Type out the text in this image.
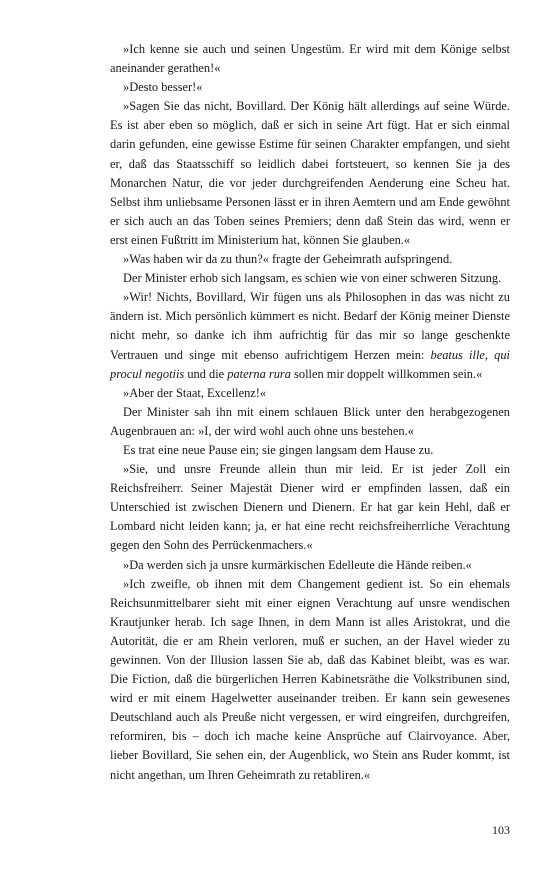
»Ich kenne sie auch und seinen Ungestüm. Er wird mit dem Könige selbst aneinander gerathen!«

»Desto besser!«

»Sagen Sie das nicht, Bovillard. Der König hält allerdings auf seine Würde. Es ist aber eben so möglich, daß er sich in seine Art fügt. Hat er sich einmal darin gefunden, eine gewisse Estime für seinen Charakter empfangen, und sieht er, daß das Staatsschiff so leidlich dabei fortsteuert, so kennen Sie ja des Monarchen Natur, die vor jeder durchgreifenden Aenderung eine Scheu hat. Selbst ihm unliebsame Personen lässt er in ihren Aemtern und am Ende gewöhnt er sich auch an das Toben seines Premiers; denn daß Stein das wird, wenn er erst einen Fußtritt im Ministerium hat, können Sie glauben.«

»Was haben wir da zu thun?« fragte der Geheimrath aufspringend.

Der Minister erhob sich langsam, es schien wie von einer schweren Sitzung.

»Wir! Nichts, Bovillard, Wir fügen uns als Philosophen in das was nicht zu ändern ist. Mich persönlich kümmert es nicht. Bedarf der König meiner Dienste nicht mehr, so danke ich ihm aufrichtig für das mir so lange geschenkte Vertrauen und singe mit ebenso aufrichtigem Herzen mein: beatus ille, qui procul negotiis und die paterna rura sollen mir doppelt willkommen sein.«

»Aber der Staat, Excellenz!«

Der Minister sah ihn mit einem schlauen Blick unter den herabgezogenen Augenbrauen an: »I, der wird wohl auch ohne uns bestehen.«

Es trat eine neue Pause ein; sie gingen langsam dem Hause zu.

»Sie, und unsre Freunde allein thun mir leid. Er ist jeder Zoll ein Reichsfreiherr. Seiner Majestät Diener wird er empfinden lassen, daß ein Unterschied ist zwischen Dienern und Dienern. Er hat gar kein Hehl, daß er Lombard nicht leiden kann; ja, er hat eine recht reichsfreiherrliche Verachtung gegen den Sohn des Perrückenmachers.«

»Da werden sich ja unsre kurmärkischen Edelleute die Hände reiben.«

»Ich zweifle, ob ihnen mit dem Changement gedient ist. So ein ehemals Reichsunmittelbarer sieht mit einer eignen Verachtung auf unsre wendischen Krautjunker herab. Ich sage Ihnen, in dem Mann ist alles Aristokrat, und die Autorität, die er am Rhein verloren, muß er suchen, an der Havel wieder zu gewinnen. Von der Illusion lassen Sie ab, daß das Kabinet bleibt, was es war. Die Fiction, daß die bürgerlichen Herren Kabinetsräthe die Volkstribunen sind, wird er mit einem Hagelwetter auseinander treiben. Er kann sein gewesenes Deutschland auch als Preuße nicht vergessen, er wird eingreifen, durchgreifen, reformiren, bis – doch ich mache keine Ansprüche auf Clairvoyance. Aber, lieber Bovillard, Sie sehen ein, der Augenblick, wo Stein ans Ruder kommt, ist nicht angethan, um Ihren Geheimrath zu retabliren.«

103
